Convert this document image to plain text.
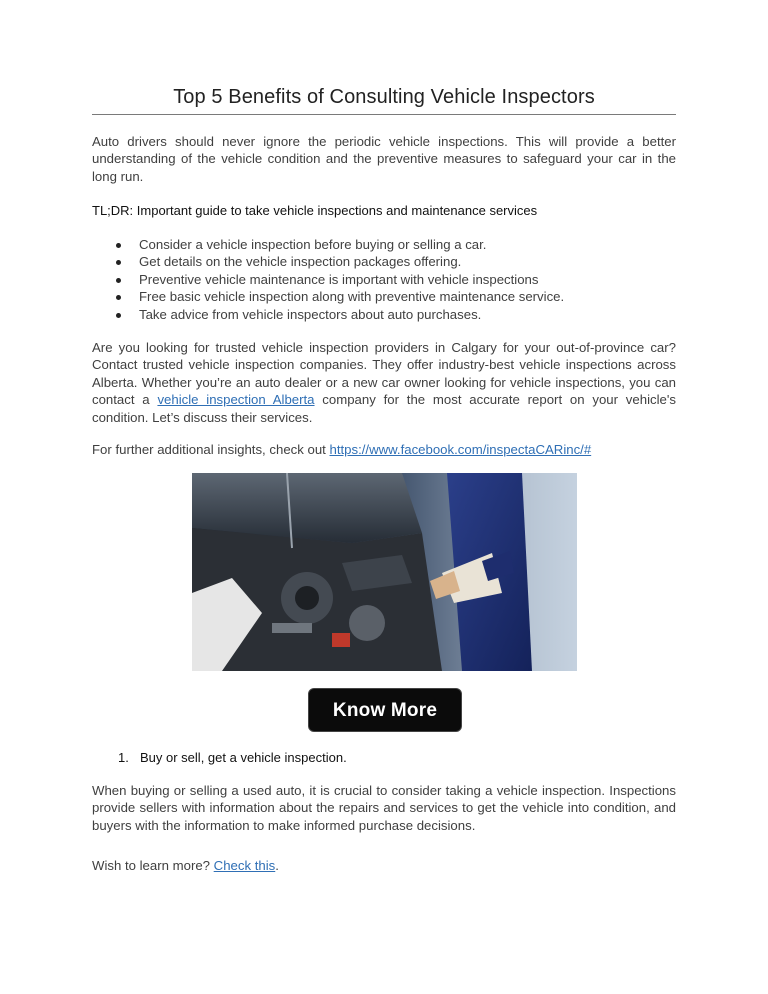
Top 5 Benefits of Consulting Vehicle Inspectors

Auto drivers should never ignore the periodic vehicle inspections. This will provide a better understanding of the vehicle condition and the preventive measures to safeguard your car in the long run.

TL;DR: Important guide to take vehicle inspections and maintenance services

Consider a vehicle inspection before buying or selling a car.
Get details on the vehicle inspection packages offering.
Preventive vehicle maintenance is important with vehicle inspections
Free basic vehicle inspection along with preventive maintenance service.
Take advice from vehicle inspectors about auto purchases.

Are you looking for trusted vehicle inspection providers in Calgary for your out-of-province car? Contact trusted vehicle inspection companies. They offer industry-best vehicle inspections across Alberta. Whether you’re an auto dealer or a new car owner looking for vehicle inspections, you can contact a vehicle inspection Alberta company for the most accurate report on your vehicle's condition. Let’s discuss their services.

For further additional insights, check out https://www.facebook.com/inspectaCARinc/#

Know More

1. Buy or sell, get a vehicle inspection.

When buying or selling a used auto, it is crucial to consider taking a vehicle inspection. Inspections provide sellers with information about the repairs and services to get the vehicle into condition, and buyers with the information to make informed purchase decisions.

Wish to learn more? Check this.
